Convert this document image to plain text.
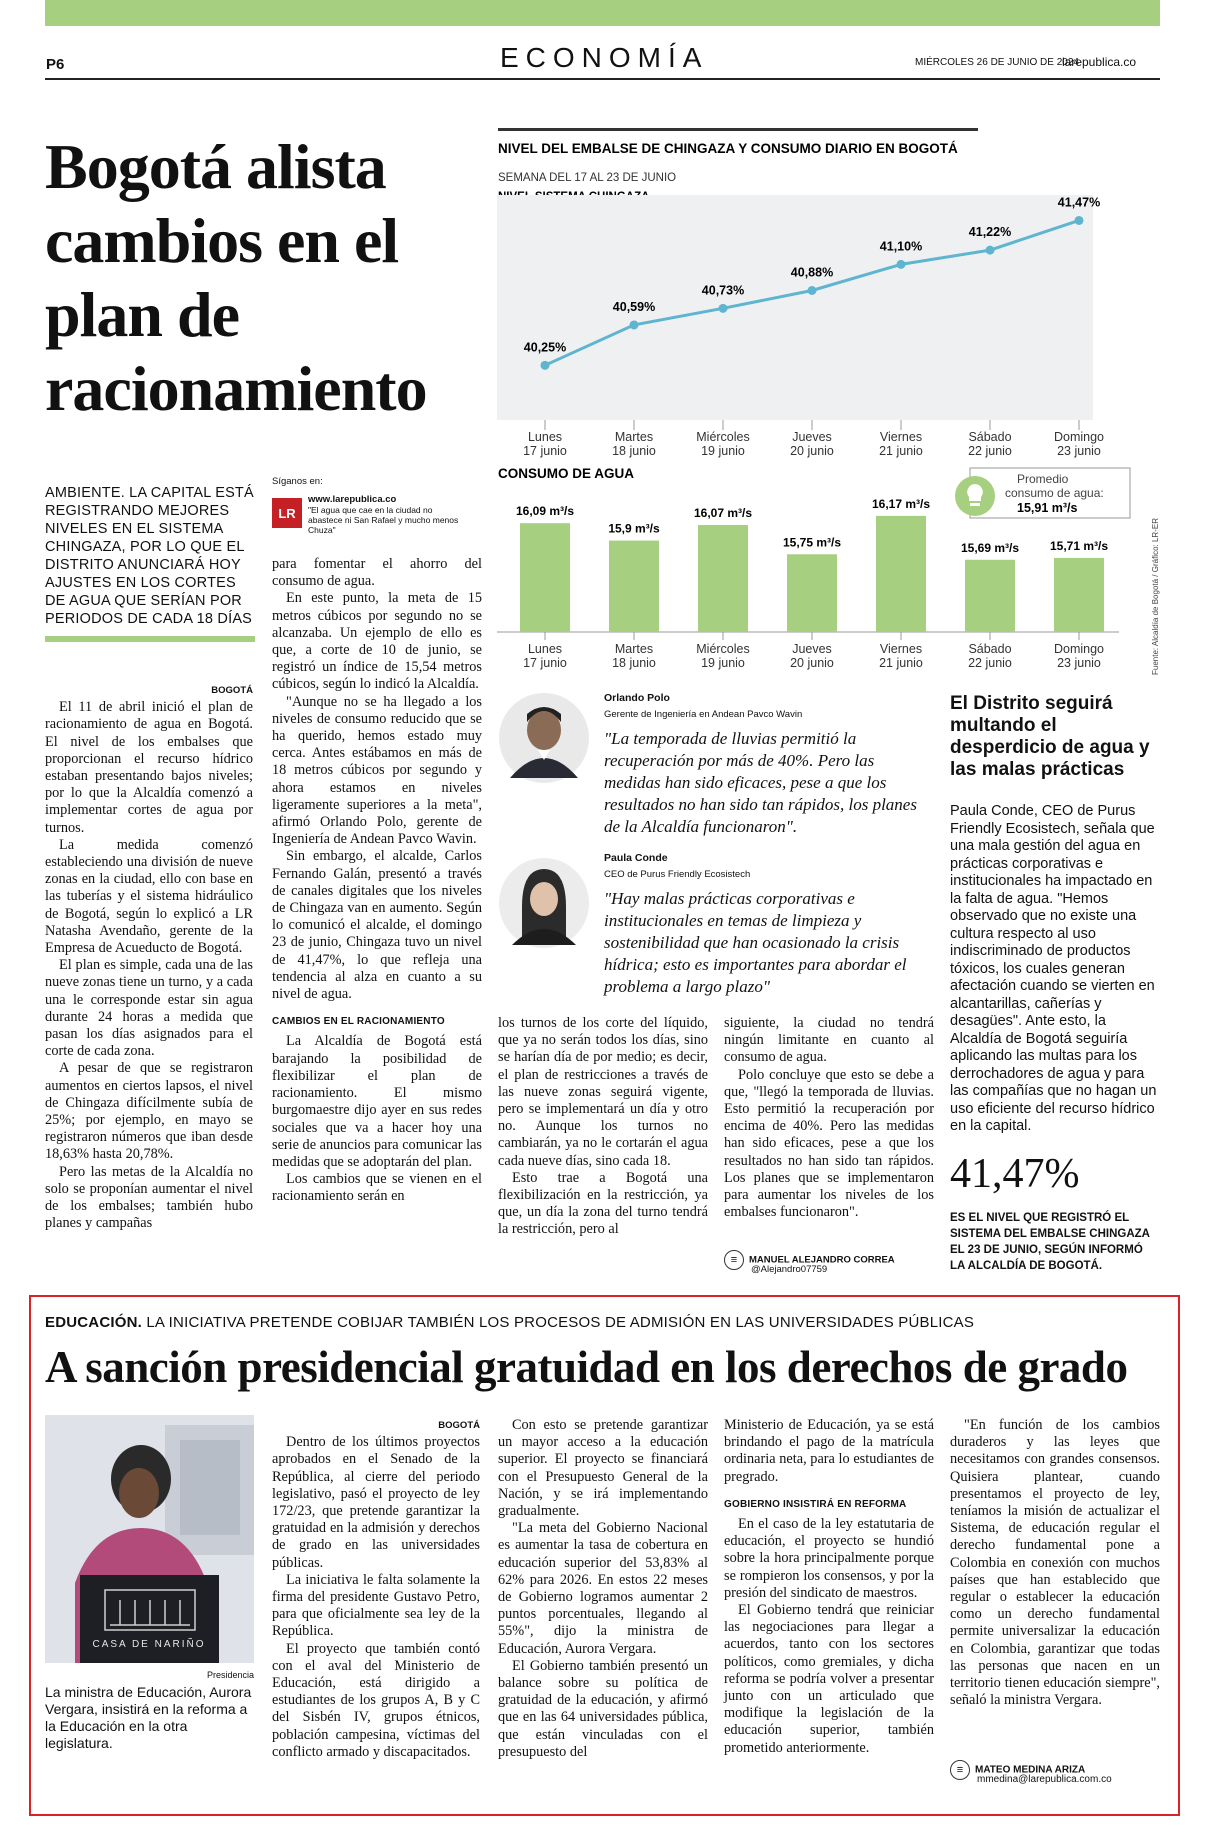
P6	ECONOMÍA	MIÉRCOLES 26 DE JUNIO DE 2024
larepublica.co
Bogotá alista cambios en el plan de racionamiento
NIVEL DEL EMBALSE DE CHINGAZA Y CONSUMO DIARIO EN BOGOTÁ
SEMANA DEL 17 AL 23 DE JUNIO
40,25%
40,59%
40,73%
40,88%
41,10%
41,22%
41,47%
Lunes
17 junio
Martes
18 junio
Miércoles
19 junio
Jueves
20 junio
Viernes
21 junio
Sábado
22 junio
Domingo
23 junio
CONSUMO DE AGUA
16,09 m³/s
15,9 m³/s
16,07 m³/s
15,75 m³/s
16,17 m³/s
15,69 m³/s	15,71 m³/s
Lunes
17 junio
Martes
18 junio
Miércoles
19 junio
Jueves
20 junio
Viernes
21 junio
Sábado
22 junio
Domingo
23 junio
Promedio consumo de agua:
15,91 m³/s
Fuente: Alcaldía de Bogotá / Gráfico: LR-ER
AMBIENTE. LA CAPITAL ESTÁ REGISTRANDO MEJORES NIVELES EN EL SISTEMA CHINGAZA, POR LO QUE EL DISTRITO ANUNCIARÁ HOY AJUSTES EN LOS CORTES DE AGUA QUE SERÍAN POR PERIODOS DE CADA 18 DÍAS

BOGOTÁ

El 11 de abril inició el plan de racionamiento de agua en Bogotá. El nivel de los embalses que proporcionan el recurso hídrico estaban presentando bajos niveles; por lo que la Alcaldía comenzó a implementar cortes de agua por turnos.

La medida comenzó estableciendo una división de nueve zonas en la ciudad, ello con base en las tuberías y el sistema hidráulico de Bogotá, según lo explicó a LR Natasha Avendaño, gerente de la Empresa de Acueducto de Bogotá.

El plan es simple, cada una de las nueve zonas tiene un turno, y a cada una le corresponde estar sin agua durante 24 horas a medida que pasan los días asignados para el corte de cada zona.

A pesar de que se registraron aumentos en ciertos lapsos, el nivel de Chingaza difícilmente subía de 25%; por ejemplo, en mayo se registraron números que iban desde 18,63% hasta 20,78%.

Pero las metas de la Alcaldía no solo se proponían aumentar el nivel de los embalses; también hubo planes y campañas

Síganos en:
www.larepublica.co
"El agua que cae en la ciudad no abastece ni San Rafael y mucho menos Chuza"
LR

para fomentar el ahorro del consumo de agua.

En este punto, la meta de 15 metros cúbicos por segundo no se alcanzaba. Un ejemplo de ello es que, a corte de 10 de junio, se registró un índice de 15,54 metros cúbicos, según lo indicó la Alcaldía.

"Aunque no se ha llegado a los niveles de consumo reducido que se ha querido, hemos estado muy cerca. Antes estábamos en más de 18 metros cúbicos por segundo y ahora estamos en niveles ligeramente superiores a la meta", afirmó Orlando Polo, gerente de Ingeniería de Andean Pavco Wavin.

Sin embargo, el alcalde, Carlos Fernando Galán, presentó a través de canales digitales que los niveles de Chingaza van en aumento. Según lo comunicó el alcalde, el domingo 23 de junio, Chingaza tuvo un nivel de 41,47%, lo que refleja una tendencia al alza en cuanto a su nivel de agua.

CAMBIOS EN EL RACIONAMIENTO

La Alcaldía de Bogotá está barajando la posibilidad de flexibilizar el plan de racionamiento. El mismo burgomaestre dijo ayer en sus redes sociales que va a hacer hoy una serie de anuncios para comunicar las medidas que se adoptarán del plan.

Los cambios que se vienen en el racionamiento serán en

Orlando Polo
Gerente de Ingeniería en Andean Pavco Wavin
"La temporada de lluvias permitió la recuperación por más de 40%. Pero las medidas han sido eficaces, pese a que los resultados no han sido tan rápidos, los planes de la Alcaldía funcionaron".
Paula Conde
CEO de Purus Friendly Ecosistech
"Hay malas prácticas corporativas e institucionales en temas de limpieza y sostenibilidad que han ocasionado la crisis hídrica; esto es importantes para abordar el problema a largo plazo"

los turnos de los corte del líquido, que ya no serán todos los días, sino se harían día de por medio; es decir, el plan de restricciones a través de las nueve zonas seguirá vigente, pero se implementará un día y otro no. Aunque los turnos no cambiarán, ya no le cortarán el agua cada nueve días, sino cada 18.

Esto trae a Bogotá una flexibilización en la restricción, ya que, un día la zona del turno tendrá la restricción, pero al

siguiente, la ciudad no tendrá ningún limitante en cuanto al consumo de agua.

Polo concluye que esto se debe a que, "llegó la temporada de lluvias. Esto permitió la recuperación por encima de 40%. Pero las medidas han sido eficaces, pese a que los resultados no han sido tan rápidos. Los planes que se implementaron para aumentar los niveles de los embalses funcionaron".

≡ MANUEL ALEJANDRO CORREA
@Alejandro07759
El Distrito seguirá multando el desperdicio de agua y las malas prácticas
Paula Conde, CEO de Purus Friendly Ecosistech, señala que una mala gestión del agua en prácticas corporativas e institucionales ha impactado en la falta de agua. "Hemos observado que no existe una cultura respecto al uso indiscriminado de productos tóxicos, los cuales generan afectación cuando se vierten en alcantarillas, cañerías y desagües". Ante esto, la Alcaldía de Bogotá seguiría aplicando las multas para los derrochadores de agua y para las compañías que no hagan un uso eficiente del recurso hídrico en la capital.
41,47%
ES EL NIVEL QUE REGISTRÓ EL SISTEMA DEL EMBALSE CHINGAZA EL 23 DE JUNIO, SEGÚN INFORMÓ LA ALCALDÍA DE BOGOTÁ.
EDUCACIÓN. LA INICIATIVA PRETENDE COBIJAR TAMBIÉN LOS PROCESOS DE ADMISIÓN EN LAS UNIVERSIDADES PÚBLICAS
A sanción presidencial gratuidad en los derechos de grado
CASA DE NARIÑO
Presidencia
La ministra de Educación, Aurora Vergara, insistirá en la reforma a la Educación en la otra legislatura.

BOGOTÁ

Dentro de los últimos proyectos aprobados en el Senado de la República, al cierre del periodo legislativo, pasó el proyecto de ley 172/23, que pretende garantizar la gratuidad en la admisión y derechos de grado en las universidades públicas.

La iniciativa le falta solamente la firma del presidente Gustavo Petro, para que oficialmente sea ley de la República.

El proyecto que también contó con el aval del Ministerio de Educación, está dirigido a estudiantes de los grupos A, B y C del Sisbén IV, grupos étnicos, población campesina, víctimas del conflicto armado y discapacitados.

Con esto se pretende garantizar un mayor acceso a la educación superior. El proyecto se financiará con el Presupuesto General de la Nación, y se irá implementando gradualmente.

"La meta del Gobierno Nacional es aumentar la tasa de cobertura en educación superior del 53,83% al 62% para 2026. En estos 22 meses de Gobierno logramos aumentar 2 puntos porcentuales, llegando al 55%", dijo la ministra de Educación, Aurora Vergara.

El Gobierno también presentó un balance sobre su política de gratuidad de la educación, y afirmó que en las 64 universidades pública, que están vinculadas con el presupuesto del

Ministerio de Educación, ya se está brindando el pago de la matrícula ordinaria neta, para lo estudiantes de pregrado.

GOBIERNO INSISTIRÁ EN REFORMA

En el caso de la ley estatutaria de educación, el proyecto se hundió sobre la hora principalmente porque se rompieron los consensos, y por la presión del sindicato de maestros.

El Gobierno tendrá que reiniciar las negociaciones para llegar a acuerdos, tanto con los sectores políticos, como gremiales, y dicha reforma se podría volver a presentar junto con un articulado que modifique la legislación de la educación superior, también prometido anteriormente.

"En función de los cambios duraderos y las leyes que necesitamos con grandes consensos. Quisiera plantear, cuando presentamos el proyecto de ley, teníamos la misión de actualizar el Sistema, de educación regular el derecho fundamental pone a Colombia en conexión con muchos países que han establecido que regular o establecer la educación como un derecho fundamental permite universalizar la educación en Colombia, garantizar que todas las personas que nacen en un territorio tienen educación siempre", señaló la ministra Vergara.

≡ MATEO MEDINA ARIZA
mmedina@larepublica.com.co
